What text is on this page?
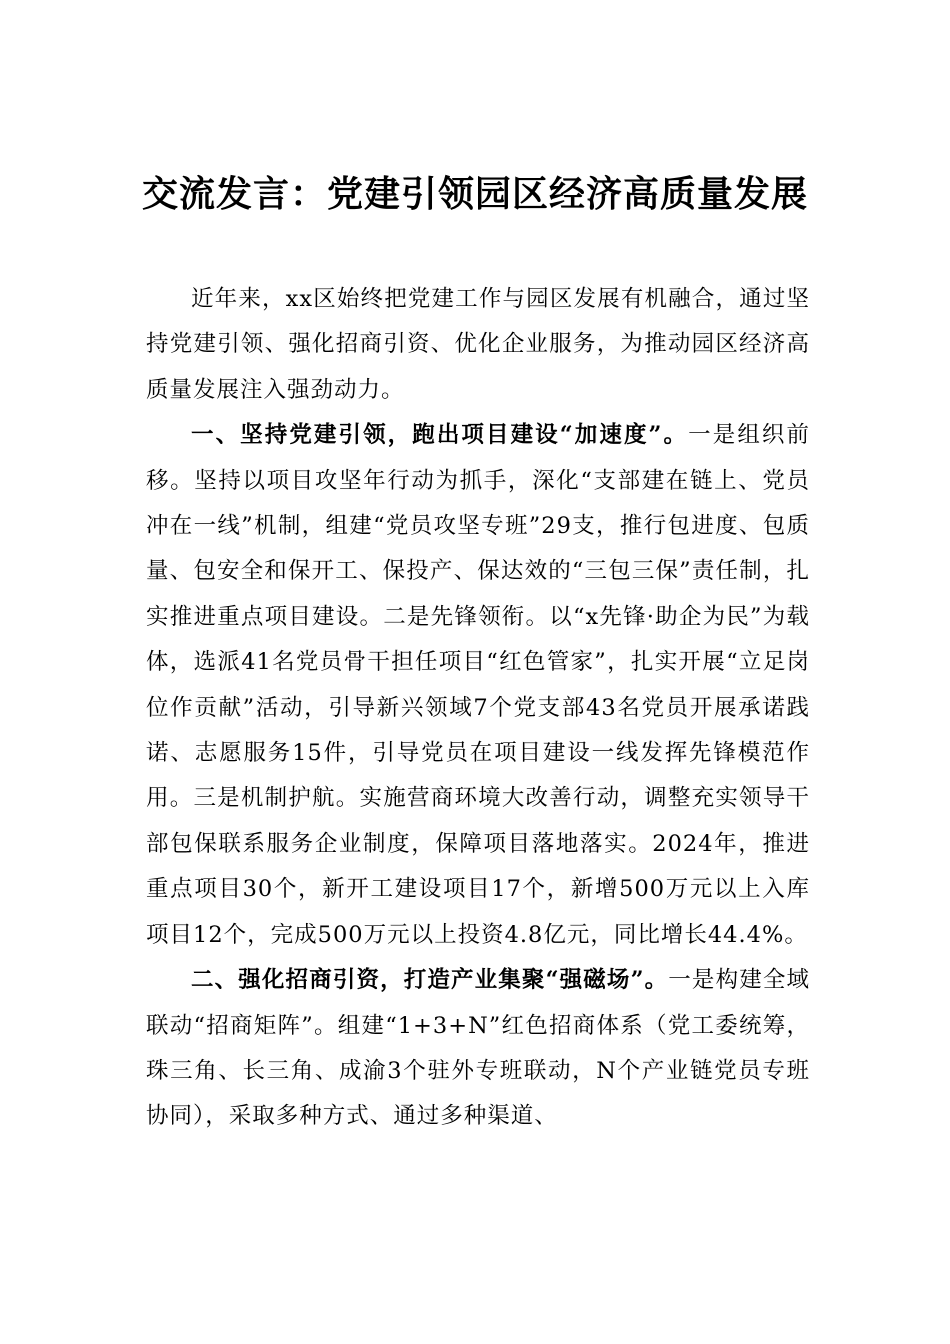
交流发言：党建引领园区经济高质量发展

近年来，xx区始终把党建工作与园区发展有机融合，通过坚持党建引领、强化招商引资、优化企业服务，为推动园区经济高质量发展注入强劲动力。

一、坚持党建引领，跑出项目建设“加速度”。一是组织前移。坚持以项目攻坚年行动为抓手，深化“支部建在链上、党员冲在一线”机制，组建“党员攻坚专班”29支，推行包进度、包质量、包安全和保开工、保投产、保达效的“三包三保”责任制，扎实推进重点项目建设。二是先锋领衔。以“x先锋·助企为民”为载体，选派41名党员骨干担任项目“红色管家”，扎实开展“立足岗位作贡献”活动，引导新兴领域7个党支部43名党员开展承诺践诺、志愿服务15件，引导党员在项目建设一线发挥先锋模范作用。三是机制护航。实施营商环境大改善行动，调整充实领导干部包保联系服务企业制度，保障项目落地落实。2024年，推进重点项目30个，新开工建设项目17个，新增500万元以上入库项目12个，完成500万元以上投资4.8亿元，同比增长44.4%。

二、强化招商引资，打造产业集聚“强磁场”。一是构建全域联动“招商矩阵”。组建“1+3+N”红色招商体系（党工委统筹，珠三角、长三角、成渝3个驻外专班联动，N个产业链党员专班协同），采取多种方式、通过多种渠道、
